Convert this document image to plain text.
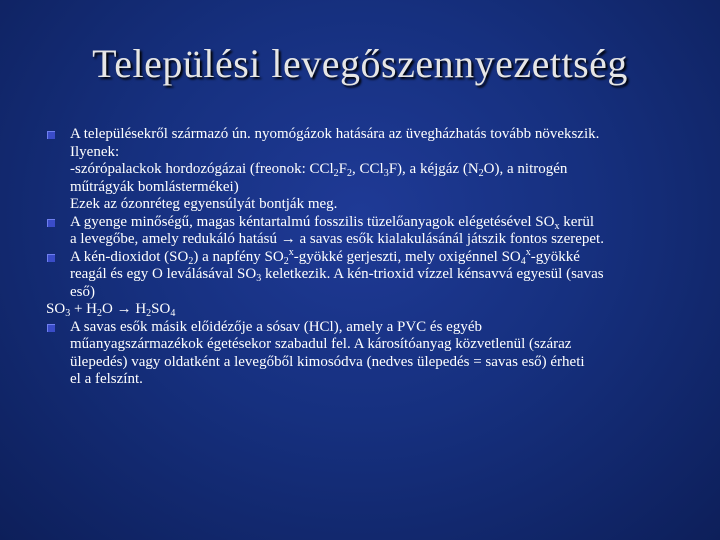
Települési levegőszennyezettség
A településekről származó ún. nyomógázok hatására az üvegházhatás tovább növekszik.
Ilyenek:
-szórópalackok hordozógázai (freonok: $CCl_2F_2$, CCl$_3$F), a kéjgáz $(N_2O)$, a nitrogén
műtrágyák bomlástermékei)
Ezek az ózonréteg egyensúlyát bontják meg.
A gyenge minőségű, magas kéntartalmú fosszilis tüzelőanyagok elégetésével $SO_x$ kerül
a levegőbe, amely redukáló hatású → a savas esők kialakulásánál játszik fontos szerepet.
A kén-dioxidot $(SO_2)$ a napfény $SO_2^x$-gyökké gerjeszti, mely oxigénnel $SO_4^x$-gyökké
reagál és egy O leválásával $SO_3$ keletkezik. A kén-trioxid vízzel kénsavvá egyesül (savas
eső)
$SO_3 + H_2O \to H_2SO_4$
A savas esők másik előidézője a sósav (HCl), amely a PVC és egyéb
műanyagszármazékok égetésekor szabadul fel. A károsítóanyag közvetlenül (száraz
ülepedés) vagy oldatként a levegőből kimosódva (nedves ülepedés = savas eső) érheti
el a felszínt.
